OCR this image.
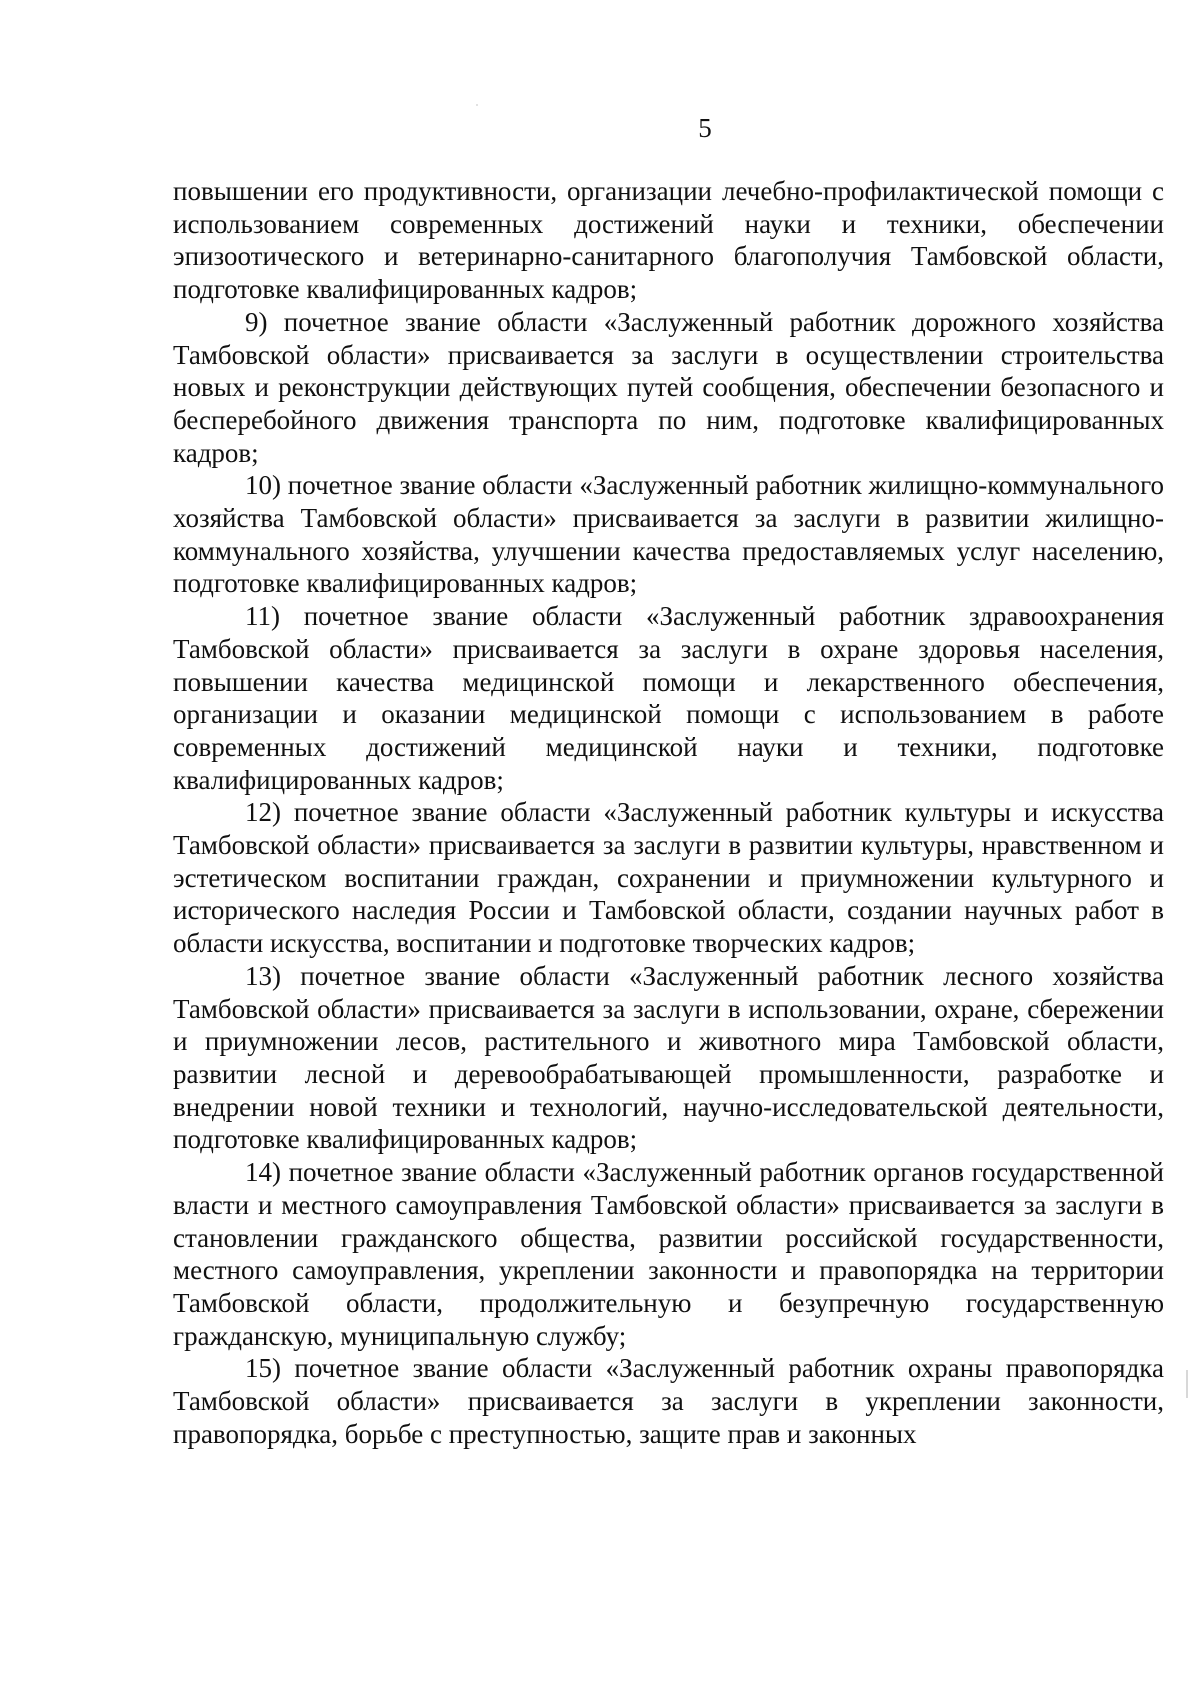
5

повышении его продуктивности, организации лечебно-профилактической помощи с использованием современных достижений науки и техники, обеспечении эпизоотического и ветеринарно-санитарного благополучия Тамбовской области, подготовке квалифицированных кадров;

9) почетное звание области «Заслуженный работник дорожного хозяйства Тамбовской области» присваивается за заслуги в осуществлении строительства новых и реконструкции действующих путей сообщения, обеспечении безопасного и бесперебойного движения транспорта по ним, подготовке квалифицированных кадров;

10) почетное звание области «Заслуженный работник жилищно-коммунального хозяйства Тамбовской области» присваивается за заслуги в развитии жилищно-коммунального хозяйства, улучшении качества предоставляемых услуг населению, подготовке квалифицированных кадров;

11) почетное звание области «Заслуженный работник здравоохранения Тамбовской области» присваивается за заслуги в охране здоровья населения, повышении качества медицинской помощи и лекарственного обеспечения, организации и оказании медицинской помощи с использованием в работе современных достижений медицинской науки и техники, подготовке квалифицированных кадров;

12) почетное звание области «Заслуженный работник культуры и искусства Тамбовской области» присваивается за заслуги в развитии культуры, нравственном и эстетическом воспитании граждан, сохранении и приумножении культурного и исторического наследия России и Тамбовской области, создании научных работ в области искусства, воспитании и подготовке творческих кадров;

13) почетное звание области «Заслуженный работник лесного хозяйства Тамбовской области» присваивается за заслуги в использовании, охране, сбережении и приумножении лесов, растительного и животного мира Тамбовской области, развитии лесной и деревообрабатывающей промышленности, разработке и внедрении новой техники и технологий, научно-исследовательской деятельности, подготовке квалифицированных кадров;

14) почетное звание области «Заслуженный работник органов государственной власти и местного самоуправления Тамбовской области» присваивается за заслуги в становлении гражданского общества, развитии российской государственности, местного самоуправления, укреплении законности и правопорядка на территории Тамбовской области, продолжительную и безупречную государственную гражданскую, муниципальную службу;

15) почетное звание области «Заслуженный работник охраны правопорядка Тамбовской области» присваивается за заслуги в укреплении законности, правопорядка, борьбе с преступностью, защите прав и законных
